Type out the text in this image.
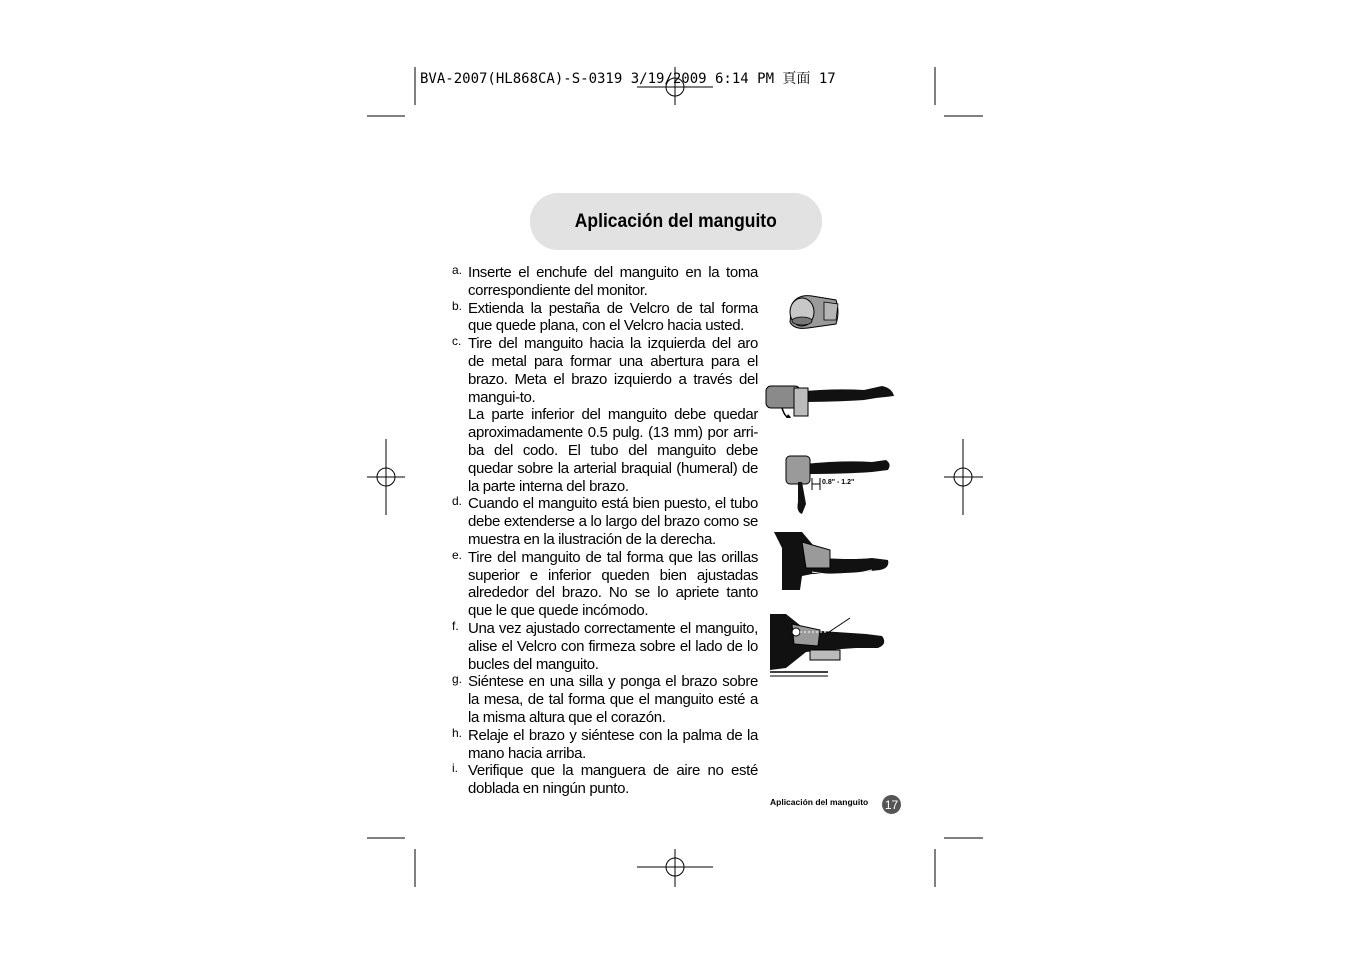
BVA-2007(HL868CA)-S-0319 3/19/2009 6:14 PM 頁面 17
Aplicación del manguito
a. Inserte el enchufe del manguito en la toma correspondiente del monitor.
b. Extienda la pestaña de Velcro de tal forma que quede plana, con el Velcro hacia usted.
c. Tire del manguito hacia la izquierda del aro de metal para formar una abertura para el brazo. Meta el brazo izquierdo a través del mangui-to.
La parte inferior del manguito debe quedar aproximadamente 0.5 pulg. (13 mm) por arri-ba del codo. El tubo del manguito debe quedar sobre la arterial braquial (humeral) de la parte interna del brazo.
d. Cuando el manguito está bien puesto, el tubo debe extenderse a lo largo del brazo como se muestra en la ilustración de la derecha.
e. Tire del manguito de tal forma que las orillas superior e inferior queden bien ajustadas alrededor del brazo. No se lo apriete tanto que le que quede incómodo.
f. Una vez ajustado correctamente el manguito, alise el Velcro con firmeza sobre el lado de lo bucles del manguito.
g. Siéntese en una silla y ponga el brazo sobre la mesa, de tal forma que el manguito esté a la misma altura que el corazón.
h. Relaje el brazo y siéntese con la palma de la mano hacia arriba.
i. Verifique que la manguera de aire no esté doblada en ningún punto.
0.8" - 1.2"
Aplicación del manguito 17
